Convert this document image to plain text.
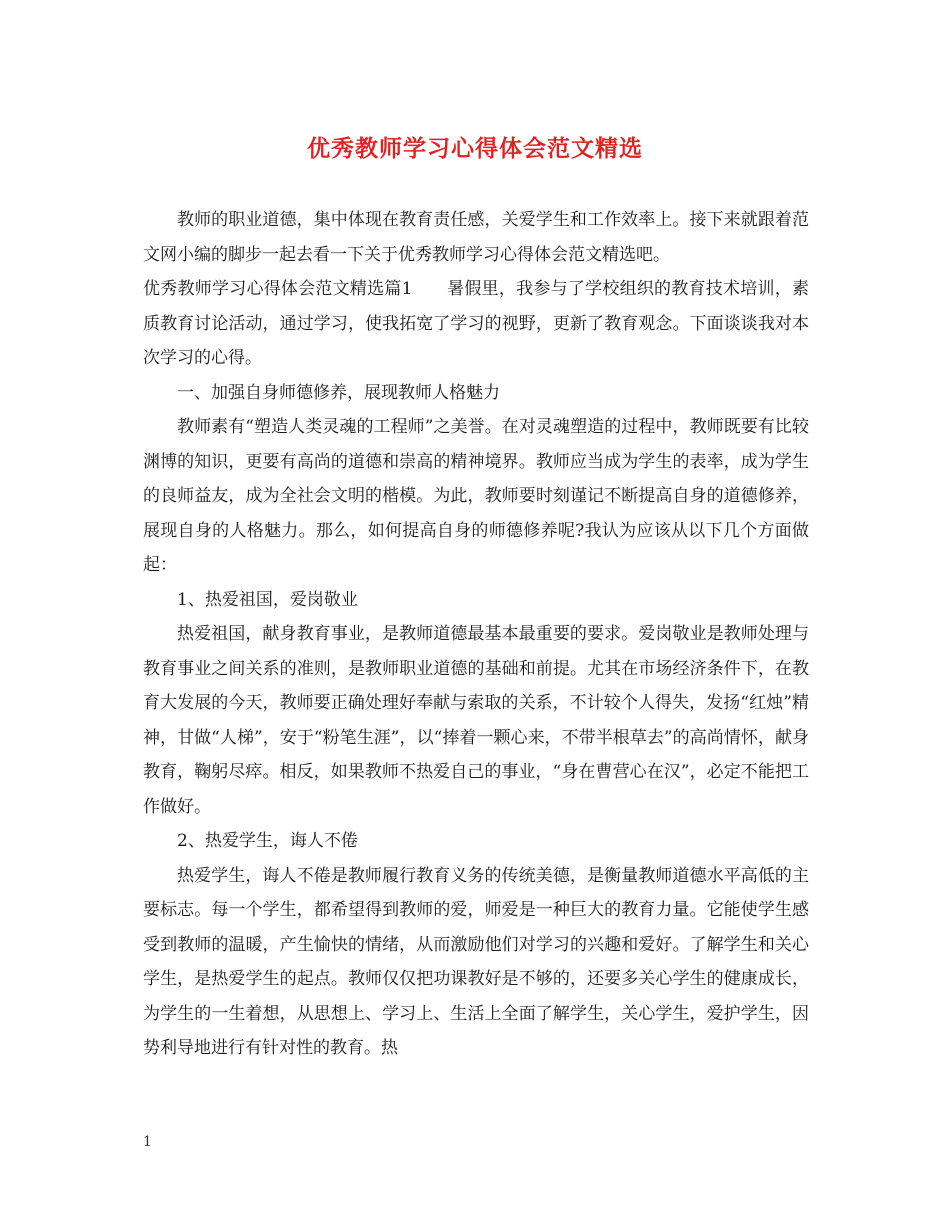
优秀教师学习心得体会范文精选

教师的职业道德，集中体现在教育责任感，关爱学生和工作效率上。接下来就跟着范文网小编的脚步一起去看一下关于优秀教师学习心得体会范文精选吧。

优秀教师学习心得体会范文精选篇1　　暑假里，我参与了学校组织的教育技术培训，素质教育讨论活动，通过学习，使我拓宽了学习的视野，更新了教育观念。下面谈谈我对本次学习的心得。

一、加强自身师德修养，展现教师人格魅力

教师素有“塑造人类灵魂的工程师”之美誉。在对灵魂塑造的过程中，教师既要有比较渊博的知识，更要有高尚的道德和崇高的精神境界。教师应当成为学生的表率，成为学生的良师益友，成为全社会文明的楷模。为此，教师要时刻谨记不断提高自身的道德修养，展现自身的人格魅力。那么，如何提高自身的师德修养呢?我认为应该从以下几个方面做起：

1、热爱祖国，爱岗敬业

热爱祖国，献身教育事业，是教师道德最基本最重要的要求。爱岗敬业是教师处理与教育事业之间关系的准则，是教师职业道德的基础和前提。尤其在市场经济条件下，在教育大发展的今天，教师要正确处理好奉献与索取的关系，不计较个人得失，发扬“红烛”精神，甘做“人梯”，安于“粉笔生涯”，以“捧着一颗心来，不带半根草去”的高尚情怀，献身教育，鞠躬尽瘁。相反，如果教师不热爱自己的事业，“身在曹营心在汉”，必定不能把工作做好。

2、热爱学生，诲人不倦

热爱学生，诲人不倦是教师履行教育义务的传统美德，是衡量教师道德水平高低的主要标志。每一个学生，都希望得到教师的爱，师爱是一种巨大的教育力量。它能使学生感受到教师的温暖，产生愉快的情绪，从而激励他们对学习的兴趣和爱好。了解学生和关心学生，是热爱学生的起点。教师仅仅把功课教好是不够的，还要多关心学生的健康成长，为学生的一生着想，从思想上、学习上、生活上全面了解学生，关心学生，爱护学生，因势利导地进行有针对性的教育。热

1
